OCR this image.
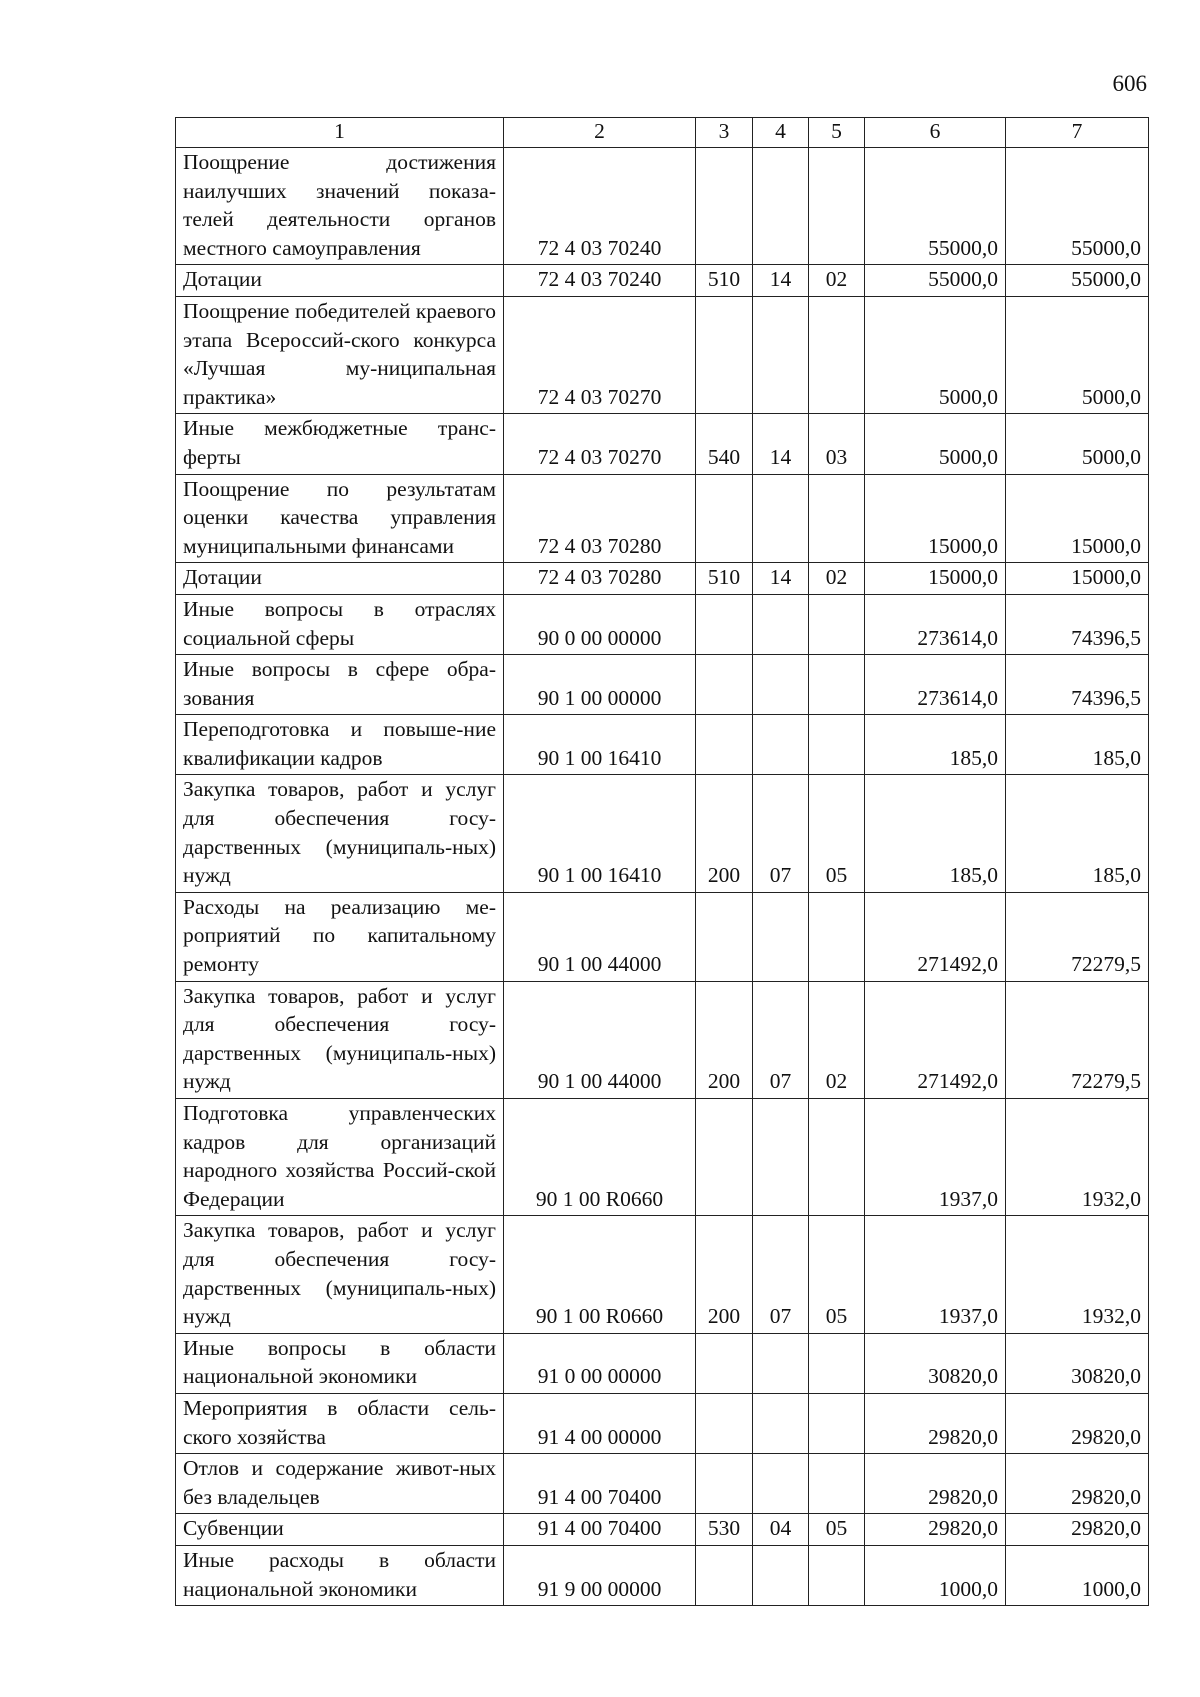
606
1	2	3	4	5	6	7
Поощрение достижения наилучших значений показа-телей деятельности органов местного самоуправления	72 4 03 70240				55000,0	55000,0
Дотации	72 4 03 70240	510	14	02	55000,0	55000,0
Поощрение победителей краевого этапа Всероссий-ского конкурса «Лучшая му-ниципальная практика»	72 4 03 70270				5000,0	5000,0
Иные межбюджетные транс-ферты	72 4 03 70270	540	14	03	5000,0	5000,0
Поощрение по результатам оценки качества управления муниципальными финансами	72 4 03 70280				15000,0	15000,0
Дотации	72 4 03 70280	510	14	02	15000,0	15000,0
Иные вопросы в отраслях социальной сферы	90 0 00 00000				273614,0	74396,5
Иные вопросы в сфере обра-зования	90 1 00 00000				273614,0	74396,5
Переподготовка и повыше-ние квалификации кадров	90 1 00 16410				185,0	185,0
Закупка товаров, работ и услуг для обеспечения госу-дарственных (муниципаль-ных) нужд	90 1 00 16410	200	07	05	185,0	185,0
Расходы на реализацию ме-роприятий по капитальному ремонту	90 1 00 44000				271492,0	72279,5
Закупка товаров, работ и услуг для обеспечения госу-дарственных (муниципаль-ных) нужд	90 1 00 44000	200	07	02	271492,0	72279,5
Подготовка управленческих кадров для организаций народного хозяйства Россий-ской Федерации	90 1 00 R0660				1937,0	1932,0
Закупка товаров, работ и услуг для обеспечения госу-дарственных (муниципаль-ных) нужд	90 1 00 R0660	200	07	05	1937,0	1932,0
Иные вопросы в области национальной экономики	91 0 00 00000				30820,0	30820,0
Мероприятия в области сель-ского хозяйства	91 4 00 00000				29820,0	29820,0
Отлов и содержание живот-ных без владельцев	91 4 00 70400				29820,0	29820,0
Субвенции	91 4 00 70400	530	04	05	29820,0	29820,0
Иные расходы в области национальной экономики	91 9 00 00000				1000,0	1000,0
